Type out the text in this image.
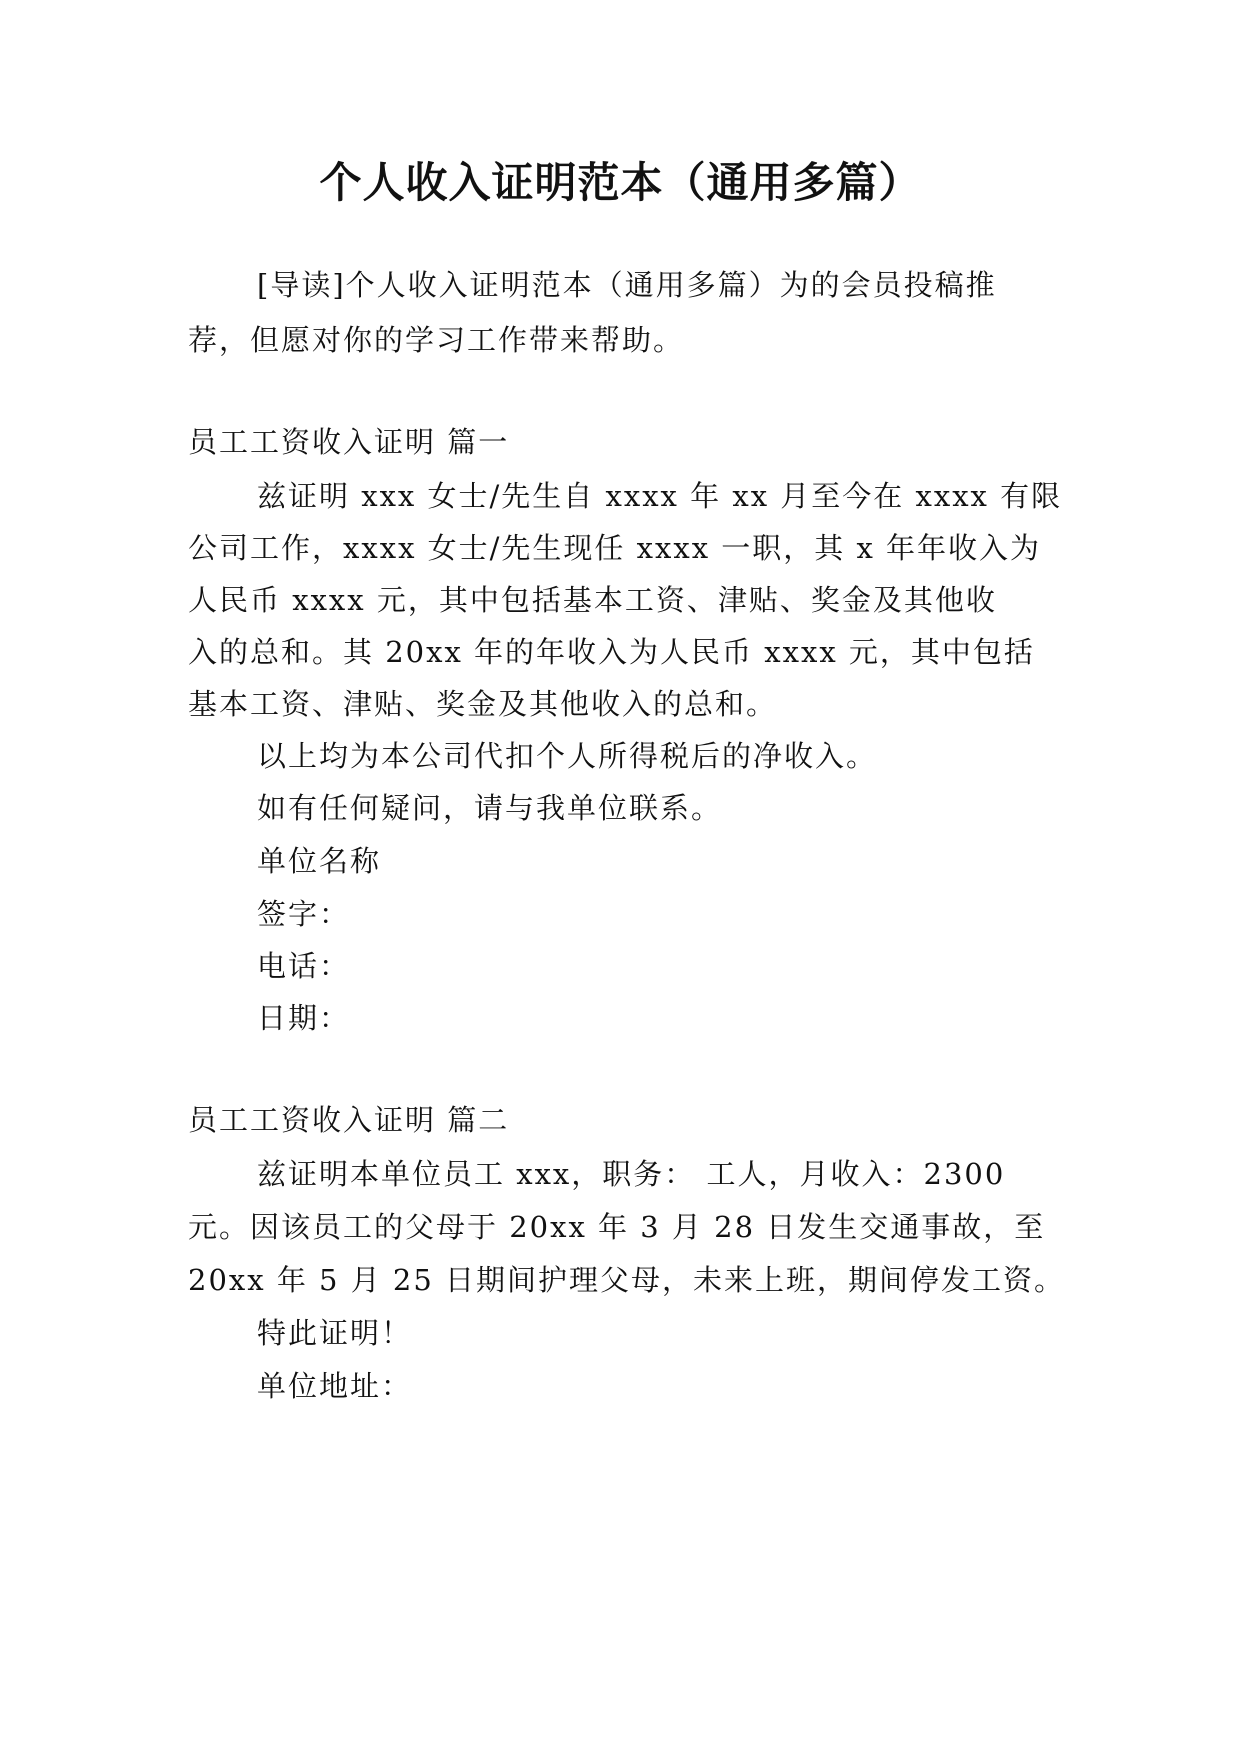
个人收入证明范本（通用多篇）
[导读]个人收入证明范本（通用多篇）为的会员投稿推
荐，但愿对你的学习工作带来帮助。
员工工资收入证明 篇一
兹证明 xxx 女士/先生自 xxxx 年 xx 月至今在 xxxx 有限
公司工作，xxxx 女士/先生现任 xxxx 一职，其 x 年年收入为
人民币 xxxx 元，其中包括基本工资、津贴、奖金及其他收
入的总和。其 20xx 年的年收入为人民币 xxxx 元，其中包括
基本工资、津贴、奖金及其他收入的总和。
以上均为本公司代扣个人所得税后的净收入。
如有任何疑问，请与我单位联系。
单位名称
签字：
电话：
日期：
员工工资收入证明 篇二
兹证明本单位员工 xxx，职务： 工人，月收入：2300
元。因该员工的父母于 20xx 年 3 月 28 日发生交通事故，至
20xx 年 5 月 25 日期间护理父母，未来上班，期间停发工资。
特此证明！
单位地址：
